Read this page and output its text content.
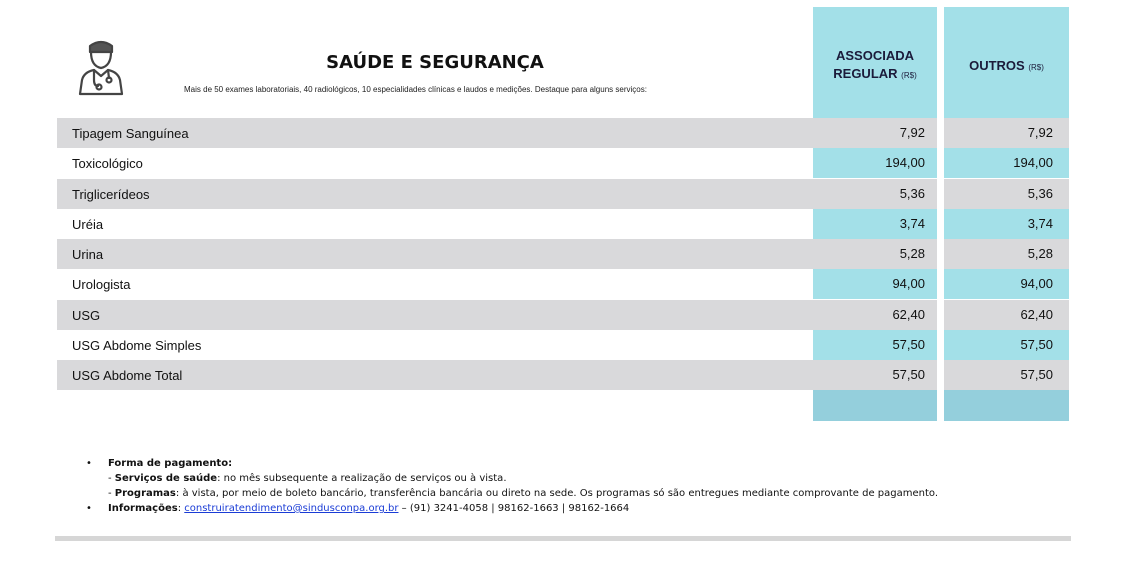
SAÚDE E SEGURANÇA
Mais de 50 exames laboratoriais, 40 radiológicos, 10 especialidades clínicas e laudos e medições. Destaque para alguns serviços:
ASSOCIADA
REGULAR (R$)
OUTROS (R$)
Tipagem Sanguínea	7,92	7,92
Toxicológico	194,00	194,00
Triglicerídeos	5,36	5,36
Uréia	3,74	3,74
Urina	5,28	5,28
Urologista	94,00	94,00
USG	62,40	62,40
USG Abdome Simples	57,50	57,50
USG Abdome Total	57,50	57,50
• Forma de pagamento:
- Serviços de saúde: no mês subsequente a realização de serviços ou à vista.
- Programas: à vista, por meio de boleto bancário, transferência bancária ou direto na sede. Os programas só são entregues mediante comprovante de pagamento.
• Informações: construiratendimento@sindusconpa.org.br – (91) 3241-4058 | 98162-1663 | 98162-1664
